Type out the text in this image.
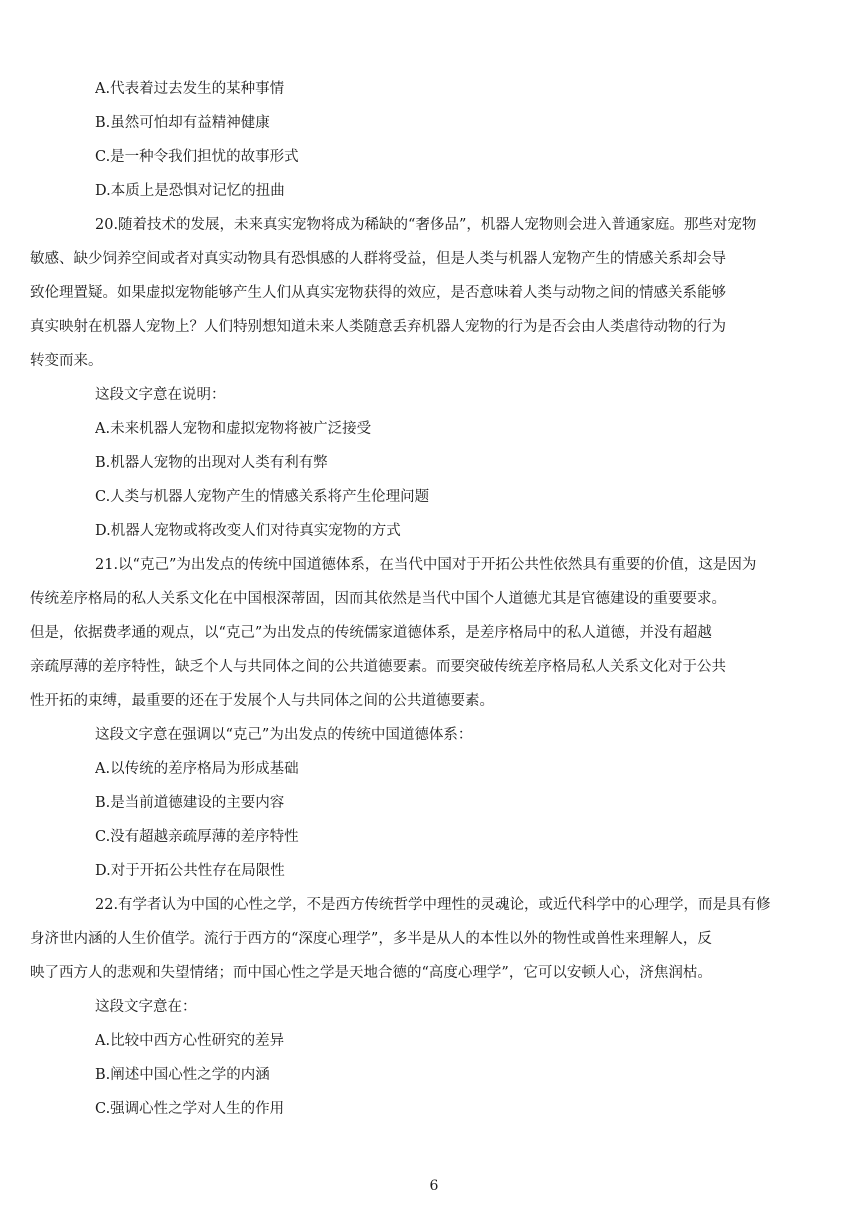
A.代表着过去发生的某种事情
B.虽然可怕却有益精神健康
C.是一种令我们担忧的故事形式
D.本质上是恐惧对记忆的扭曲
20.随着技术的发展，未来真实宠物将成为稀缺的“奢侈品”，机器人宠物则会进入普通家庭。那些对宠物
敏感、缺少饲养空间或者对真实动物具有恐惧感的人群将受益，但是人类与机器人宠物产生的情感关系却会导
致伦理置疑。如果虚拟宠物能够产生人们从真实宠物获得的效应，是否意味着人类与动物之间的情感关系能够
真实映射在机器人宠物上？人们特别想知道未来人类随意丢弃机器人宠物的行为是否会由人类虐待动物的行为
转变而来。
这段文字意在说明：
A.未来机器人宠物和虚拟宠物将被广泛接受
B.机器人宠物的出现对人类有利有弊
C.人类与机器人宠物产生的情感关系将产生伦理问题
D.机器人宠物或将改变人们对待真实宠物的方式
21.以“克己”为出发点的传统中国道德体系，在当代中国对于开拓公共性依然具有重要的价值，这是因为
传统差序格局的私人关系文化在中国根深蒂固，因而其依然是当代中国个人道德尤其是官德建设的重要要求。
但是，依据费孝通的观点，以“克己”为出发点的传统儒家道德体系，是差序格局中的私人道德，并没有超越
亲疏厚薄的差序特性，缺乏个人与共同体之间的公共道德要素。而要突破传统差序格局私人关系文化对于公共
性开拓的束缚，最重要的还在于发展个人与共同体之间的公共道德要素。
这段文字意在强调以“克己”为出发点的传统中国道德体系：
A.以传统的差序格局为形成基础
B.是当前道德建设的主要内容
C.没有超越亲疏厚薄的差序特性
D.对于开拓公共性存在局限性
22.有学者认为中国的心性之学，不是西方传统哲学中理性的灵魂论，或近代科学中的心理学，而是具有修
身济世内涵的人生价值学。流行于西方的“深度心理学”，多半是从人的本性以外的物性或兽性来理解人，反
映了西方人的悲观和失望情绪；而中国心性之学是天地合德的“高度心理学”，它可以安顿人心，济焦润枯。
这段文字意在：
A.比较中西方心性研究的差异
B.阐述中国心性之学的内涵
C.强调心性之学对人生的作用
6
